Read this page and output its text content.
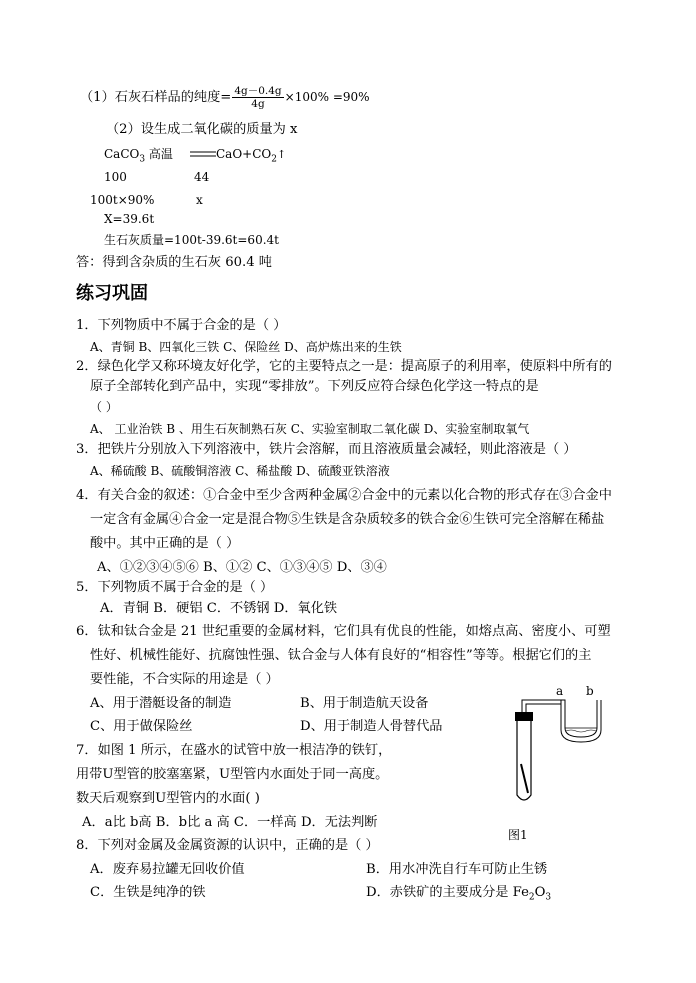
（1）石灰石样品的纯度= $\frac{4g-0.4g}{4g} \times 100\% =90\%$
（2）设生成二氧化碳的质量为 x
CaCO$_3$ 高温	$CaO+CO_2↑$
100	44
100t×90%	x
X=39.6t
生石灰质量=100t-39.6t=60.4t
答：得到含杂质的生石灰 60.4 吨
练习巩固
1．下列物质中不属于合金的是（ ）
A、青铜 B、四氧化三铁 C、保险丝 D、高炉炼出来的生铁
2．绿色化学又称环境友好化学，它的主要特点之一是：提高原子的利用率，使原料中所有的
原子全部转化到产品中，实现“零排放”。下列反应符合绿色化学这一特点的是
（ ）
A、 工业治铁 B 、用生石灰制熟石灰 C、实验室制取二氧化碳 D、实验室制取氧气
3．把铁片分别放入下列溶液中，铁片会溶解，而且溶液质量会减轻，则此溶液是（ ）
A、稀硫酸 B、硫酸铜溶液 C、稀盐酸 D、硫酸亚铁溶液
4．有关合金的叙述：①合金中至少含两种金属②合金中的元素以化合物的形式存在③合金中
一定含有金属④合金一定是混合物⑤生铁是含杂质较多的铁合金⑥生铁可完全溶解在稀盐
酸中。其中正确的是（ ）
A、①②③④⑤⑥ B、①② C、①③④⑤ D、③④
5．下列物质不属于合金的是（ ）
A．青铜 B．硬铝 C．不锈钢 D．氧化铁
6．钛和钛合金是 21 世纪重要的金属材料，它们具有优良的性能，如熔点高、密度小、可塑
性好、机械性能好、抗腐蚀性强、钛合金与人体有良好的“相容性”等等。根据它们的主
要性能，不合实际的用途是（ ）
A、用于潜艇设备的制造	B、用于制造航天设备
C、用于做保险丝	D、用于制造人骨替代品
7．如图 1 所示，在盛水的试管中放一根洁净的铁钉，
用带U型管的胶塞塞紧，U型管内水面处于同一高度。
数天后观察到U型管内的水面( )
A．a比 b高 B．b比 a 高 C．一样高 D．无法判断
8．下列对金属及金属资源的认识中，正确的是（ ）
A．废弃易拉罐无回收价值	B．用水冲洗自行车可防止生锈
C．生铁是纯净的铁	D．赤铁矿的主要成分是 $Fe_2O_3$
a b
图1
